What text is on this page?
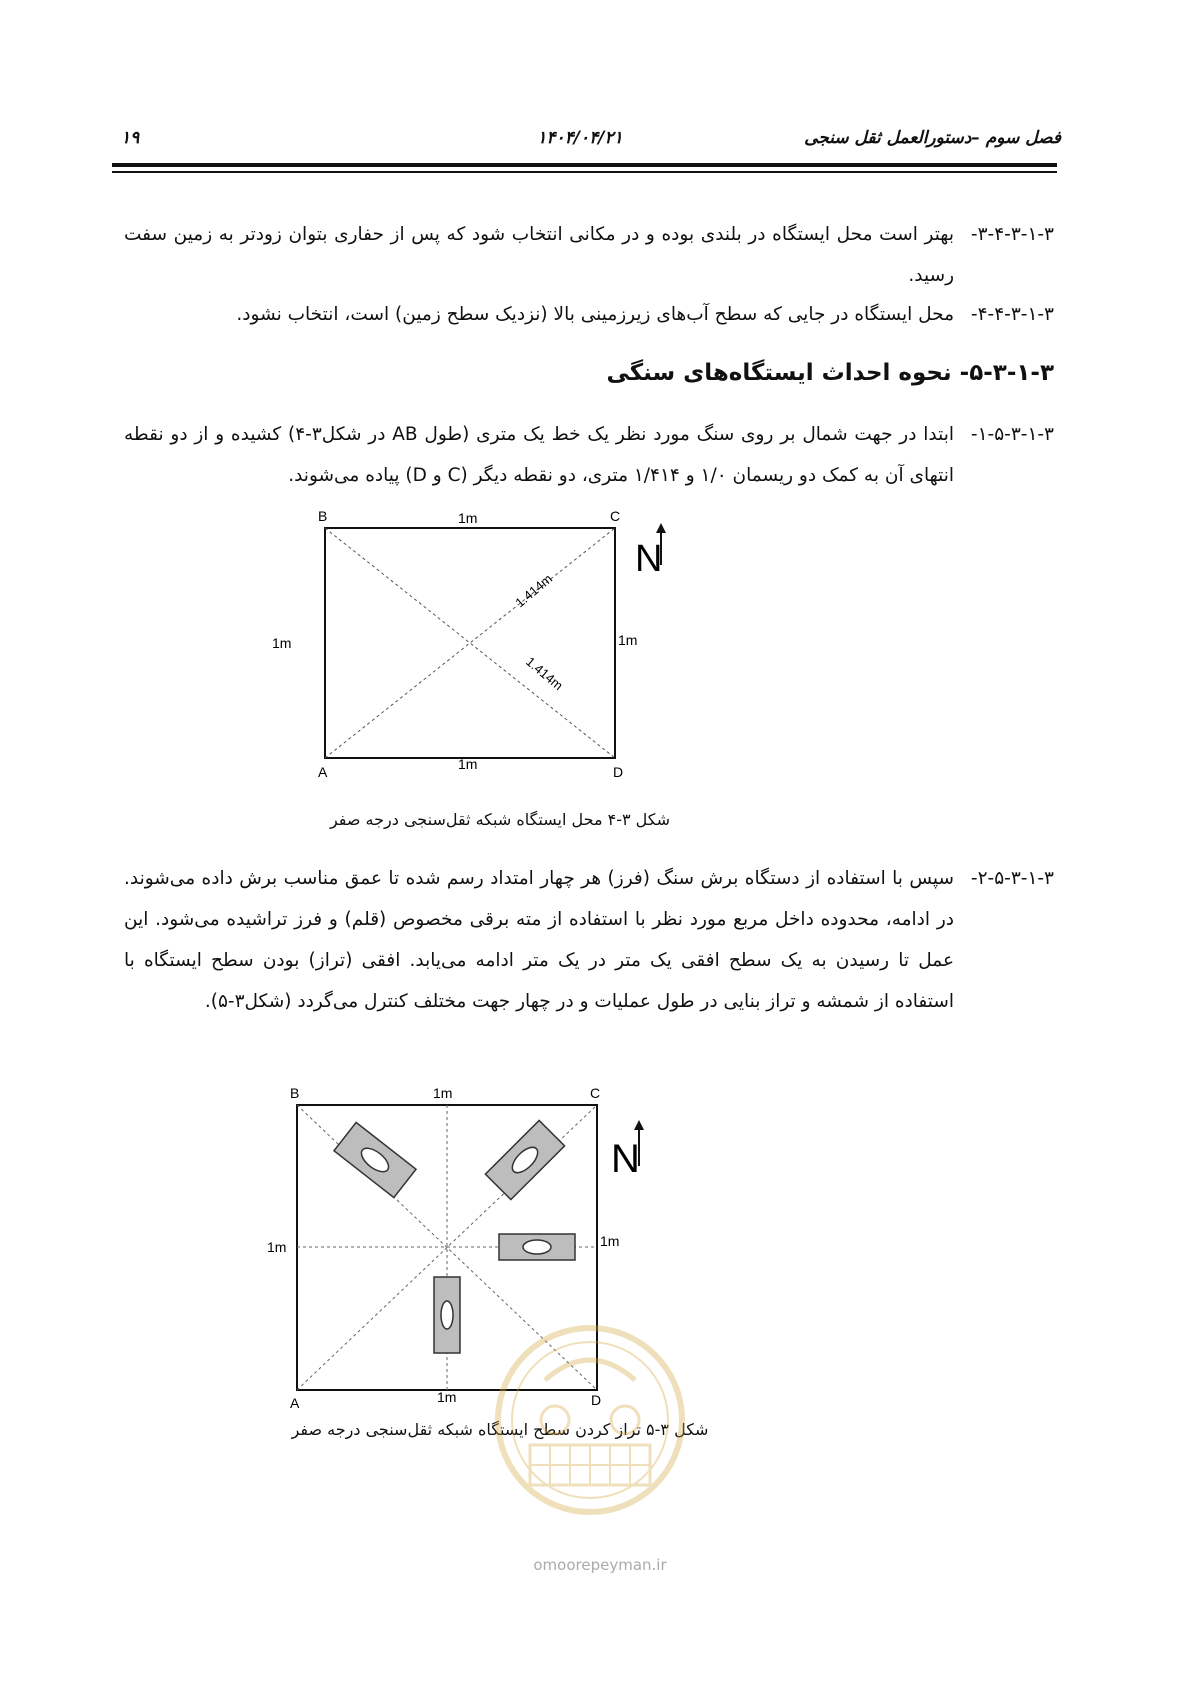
۱۹	۱۴۰۴/۰۴/۲۱	فصل سوم –دستورالعمل ثقل سنجی
۳-۴-۳-۱-۳-
بهتر است محل ایستگاه در بلندی بوده و در مکانی انتخاب شود که پس از حفاری بتوان زودتر به زمین سفت رسید.
۴-۴-۳-۱-۳-
محل ایستگاه در جایی که سطح آب‌های زیرزمینی بالا (نزدیک سطح زمین) است، انتخاب نشود.
۵-۳-۱-۳- نحوه احداث ایستگاه‌های سنگی
۱-۵-۳-۱-۳-
ابتدا در جهت شمال بر روی سنگ مورد نظر یک خط یک متری (طول AB در شکل۳-۴) کشیده و از دو نقطه انتهای آن به کمک دو ریسمان ۱/۰ و ۱/۴۱۴ متری، دو نقطه دیگر (C و D) پیاده می‌شوند.
B	C
A	D
1m
1m
1m	1m
1.414m
1.414m
N
شکل ۳-۴ محل ایستگاه شبکه ثقل‌سنجی درجه صفر
۲-۵-۳-۱-۳-
سپس با استفاده از دستگاه برش سنگ (فرز) هر چهار امتداد رسم شده تا عمق مناسب برش داده می‌شوند. در ادامه، محدوده داخل مربع مورد نظر با استفاده از مته برقی مخصوص (قلم) و فرز تراشیده می‌شود. این عمل تا رسیدن به یک سطح افقی یک متر در یک متر ادامه می‌یابد. افقی (تراز) بودن سطح ایستگاه با استفاده از شمشه و تراز بنایی در طول عملیات و در چهار جهت مختلف کنترل می‌گردد (شکل۳-۵).
B	C
A	D
1m
1m
1m	1m
N
شکل ۳-۵ تراز کردن سطح ایستگاه شبکه ثقل‌سنجی درجه صفر
omoorepeyman.ir
